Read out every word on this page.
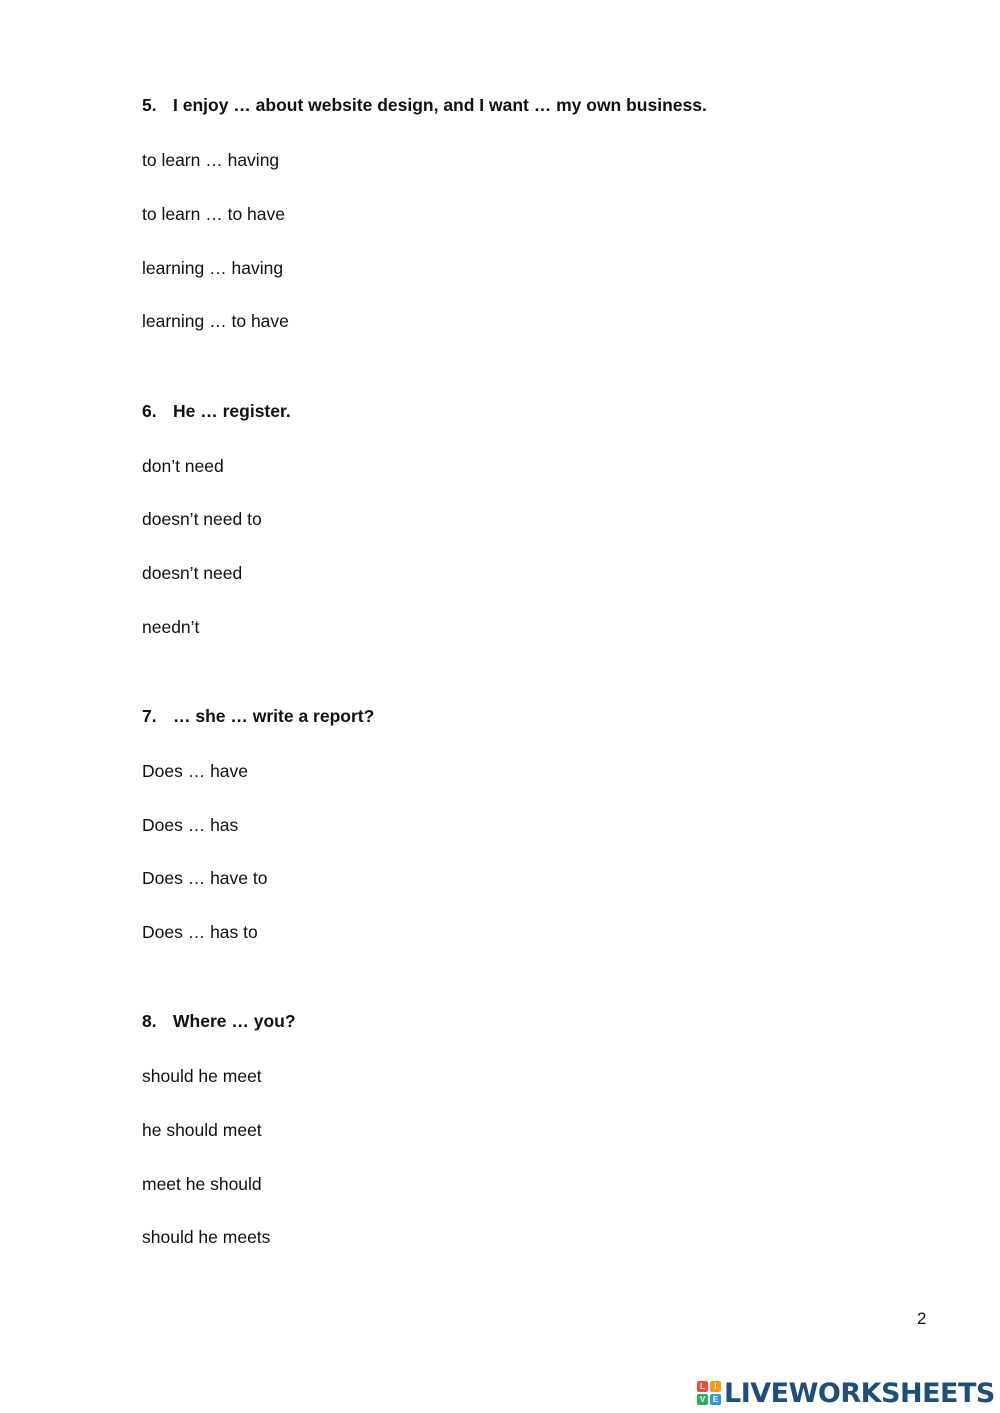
5. I enjoy … about website design, and I want … my own business.
to learn … having
to learn … to have
learning … having
learning … to have
6. He … register.
don’t need
doesn’t need to
doesn’t need
needn’t
7. … she … write a report?
Does … have
Does … has
Does … have to
Does … has to
8. Where … you?
should he meet
he should meet
meet he should
should he meets
2
L	I
V E LIVEWORKSHEETS
